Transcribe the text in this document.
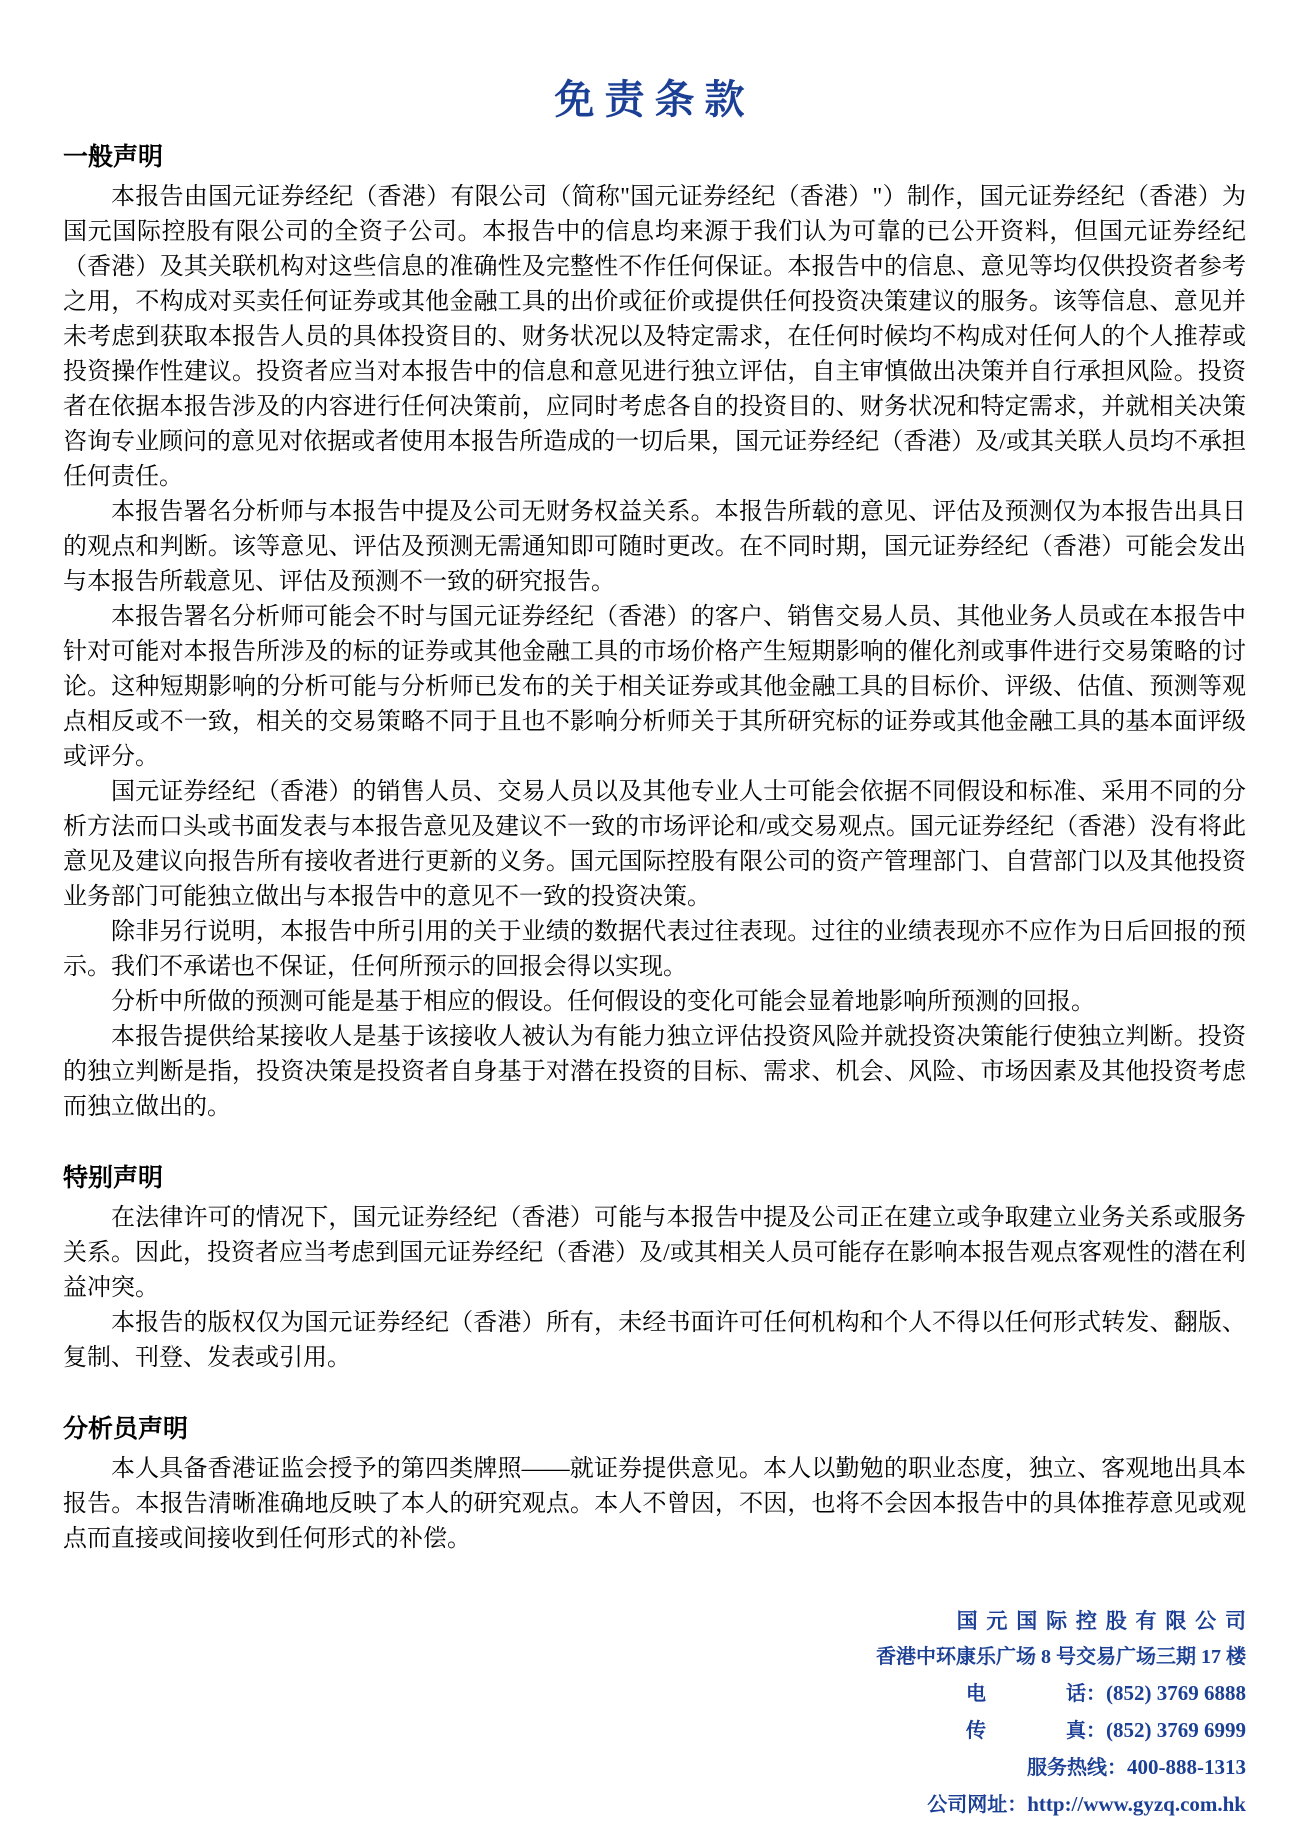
免责条款
一般声明

本报告由国元证券经纪（香港）有限公司（简称"国元证券经纪（香港）"）制作，国元证券经纪（香港）为国元国际控股有限公司的全资子公司。本报告中的信息均来源于我们认为可靠的已公开资料，但国元证券经纪（香港）及其关联机构对这些信息的准确性及完整性不作任何保证。本报告中的信息、意见等均仅供投资者参考之用，不构成对买卖任何证券或其他金融工具的出价或征价或提供任何投资决策建议的服务。该等信息、意见并未考虑到获取本报告人员的具体投资目的、财务状况以及特定需求，在任何时候均不构成对任何人的个人推荐或投资操作性建议。投资者应当对本报告中的信息和意见进行独立评估，自主审慎做出决策并自行承担风险。投资者在依据本报告涉及的内容进行任何决策前，应同时考虑各自的投资目的、财务状况和特定需求，并就相关决策咨询专业顾问的意见对依据或者使用本报告所造成的一切后果，国元证券经纪（香港）及/或其关联人员均不承担任何责任。

本报告署名分析师与本报告中提及公司无财务权益关系。本报告所载的意见、评估及预测仅为本报告出具日的观点和判断。该等意见、评估及预测无需通知即可随时更改。在不同时期，国元证券经纪（香港）可能会发出与本报告所载意见、评估及预测不一致的研究报告。

本报告署名分析师可能会不时与国元证券经纪（香港）的客户、销售交易人员、其他业务人员或在本报告中针对可能对本报告所涉及的标的证券或其他金融工具的市场价格产生短期影响的催化剂或事件进行交易策略的讨论。这种短期影响的分析可能与分析师已发布的关于相关证券或其他金融工具的目标价、评级、估值、预测等观点相反或不一致，相关的交易策略不同于且也不影响分析师关于其所研究标的证券或其他金融工具的基本面评级或评分。

国元证券经纪（香港）的销售人员、交易人员以及其他专业人士可能会依据不同假设和标准、采用不同的分析方法而口头或书面发表与本报告意见及建议不一致的市场评论和/或交易观点。国元证券经纪（香港）没有将此意见及建议向报告所有接收者进行更新的义务。国元国际控股有限公司的资产管理部门、自营部门以及其他投资业务部门可能独立做出与本报告中的意见不一致的投资决策。

除非另行说明，本报告中所引用的关于业绩的数据代表过往表现。过往的业绩表现亦不应作为日后回报的预示。我们不承诺也不保证，任何所预示的回报会得以实现。

分析中所做的预测可能是基于相应的假设。任何假设的变化可能会显着地影响所预测的回报。

本报告提供给某接收人是基于该接收人被认为有能力独立评估投资风险并就投资决策能行使独立判断。投资的独立判断是指，投资决策是投资者自身基于对潜在投资的目标、需求、机会、风险、市场因素及其他投资考虑而独立做出的。

特别声明

在法律许可的情况下，国元证券经纪（香港）可能与本报告中提及公司正在建立或争取建立业务关系或服务关系。因此，投资者应当考虑到国元证券经纪（香港）及/或其相关人员可能存在影响本报告观点客观性的潜在利益冲突。

本报告的版权仅为国元证券经纪（香港）所有，未经书面许可任何机构和个人不得以任何形式转发、翻版、复制、刊登、发表或引用。

分析员声明

本人具备香港证监会授予的第四类牌照——就证券提供意见。本人以勤勉的职业态度，独立、客观地出具本报告。本报告清晰准确地反映了本人的研究观点。本人不曾因，不因，也将不会因本报告中的具体推荐意见或观点而直接或间接收到任何形式的补偿。

国元国际控股有限公司
香港中环康乐广场 8 号交易广场三期 17 楼
电　　　　话：(852) 3769 6888
传　　　　真：(852) 3769 6999
服务热线：400-888-1313
公司网址：http://www.gyzq.com.hk
